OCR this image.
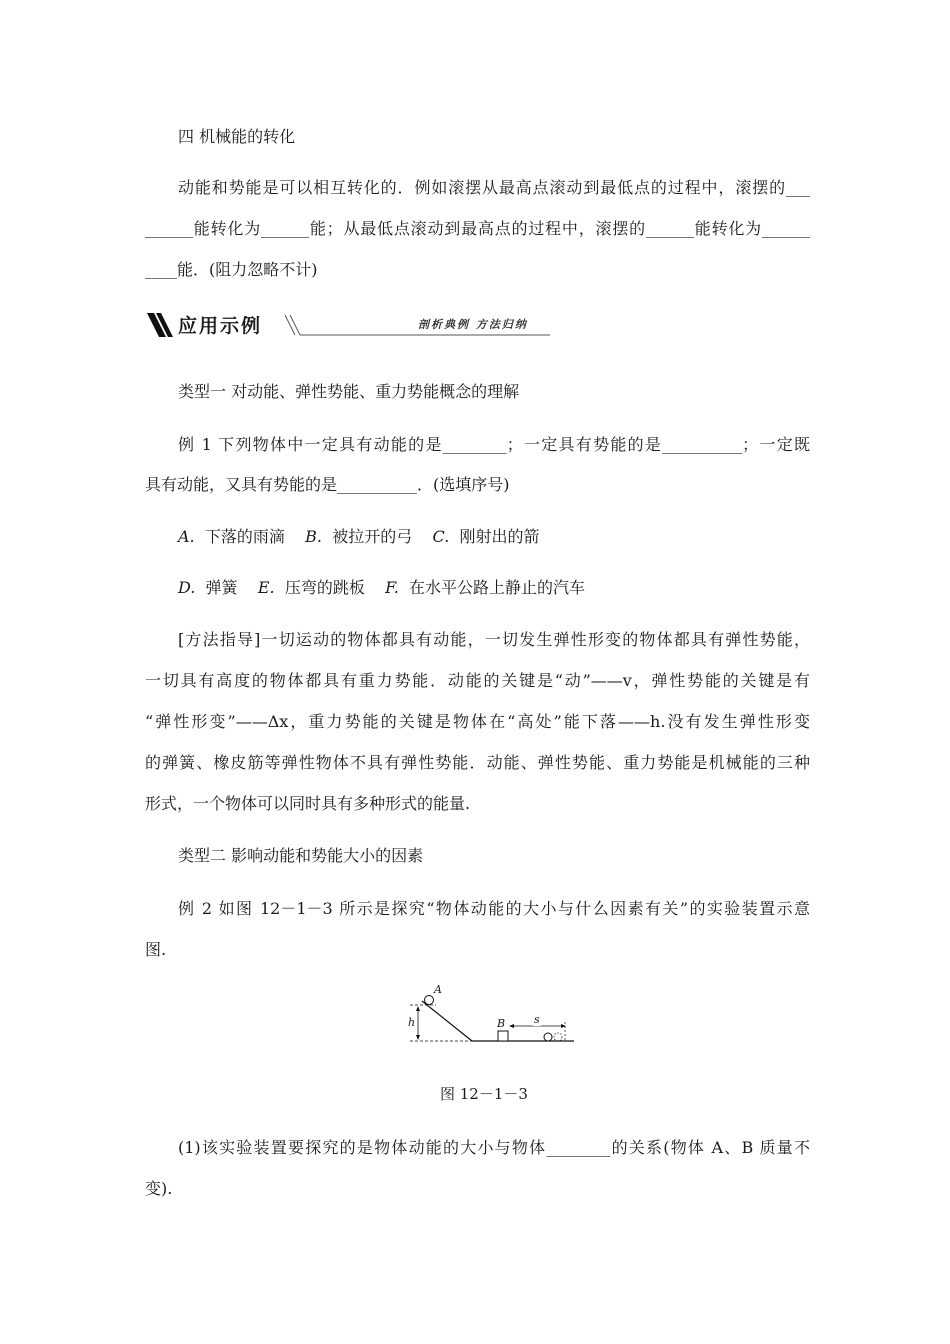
四 机械能的转化
动能和势能是可以相互转化的．例如滚摆从最高点滚动到最低点的过程中，滚摆的___
______能转化为______能；从最低点滚动到最高点的过程中，滚摆的______能转化为______
____能．(阻力忽略不计)
应用示例	剖析典例 方法归纳
类型一 对动能、弹性势能、重力势能概念的理解
例 1 下列物体中一定具有动能的是________；一定具有势能的是__________；一定既
具有动能，又具有势能的是__________．(选填序号)
A. 下落的雨滴 B. 被拉开的弓 C. 刚射出的箭
D. 弹簧 E. 压弯的跳板 F. 在水平公路上静止的汽车
[方法指导]一切运动的物体都具有动能，一切发生弹性形变的物体都具有弹性势能，
一切具有高度的物体都具有重力势能．动能的关键是“动”——v，弹性势能的关键是有
“弹性形变”——Δx，重力势能的关键是物体在“高处”能下落——h.没有发生弹性形变
的弹簧、橡皮筋等弹性物体不具有弹性势能．动能、弹性势能、重力势能是机械能的三种
形式，一个物体可以同时具有多种形式的能量.
类型二 影响动能和势能大小的因素
例 2 如图 12－1－3 所示是探究“物体动能的大小与什么因素有关”的实验装置示意
图.
A
h	B	s
图 12－1－3
(1)该实验装置要探究的是物体动能的大小与物体________的关系(物体 A、B 质量不
变).
